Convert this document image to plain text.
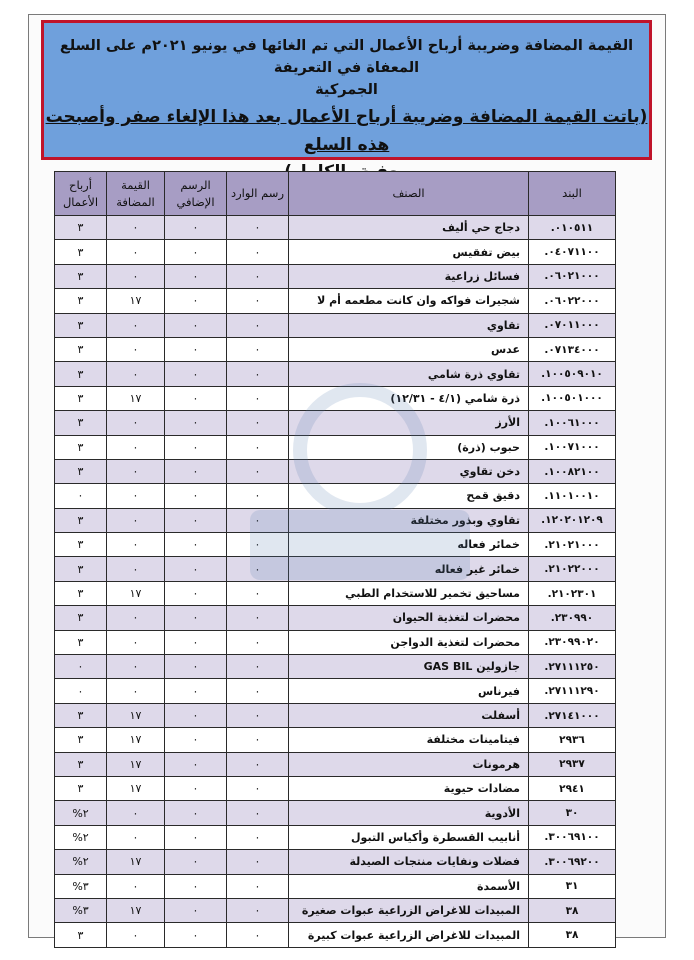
القيمة المضافة وضريبة أرباح الأعمال التي تم الغائها في يونيو ٢٠٢١م على السلع المعفاة في التعريفة
الجمركية
(باتت القيمة المضافة وضريبة أرباح الأعمال بعد هذا الإلغاء صفر وأصبحت هذه السلع
البند	الصنف	رسم الوارد	الرسم الإضافي	القيمة المضافة	أرباح الأعمال
٠١٠٥١١.	دجاج حي أليف	٠	٠	٠	٣
٠٤٠٧١١٠٠.	بيض تفقيس	٠	٠	٠	٣
٠٦٠٢١٠٠٠.	فسائل زراعية	٠	٠	٠	٣
٠٦٠٢٢٠٠٠.	شجيرات فواكه وان كانت مطعمه أم لا	٠	٠	١٧	٣
٠٧٠١١٠٠٠.	تقاوي	٠	٠	٠	٣
٠٧١٣٤٠٠٠.	عدس	٠	٠	٠	٣
١٠٠٥٠٩٠١٠.	تقاوي ذرة شامي	٠	٠	٠	٣
١٠٠٥٠١٠٠٠.	ذرة شامي (٤/١ - ١٢/٣١)	٠	٠	١٧	٣
١٠٠٦١٠٠٠.	الأرز	٠	٠	٠	٣
١٠٠٧١٠٠٠.	حبوب (ذرة)	٠	٠	٠	٣
١٠٠٨٢١٠٠.	دخن تقاوي	٠	٠	٠	٣
١١٠١٠٠١٠.	دقيق قمح	٠	٠	٠	٠
١٢٠٢٠١٢٠٩.	تقاوي وبذور مختلفة	٠	٠	٠	٣
٢١٠٢١٠٠٠.	خمائر فعاله	٠	٠	٠	٣
٢١٠٢٢٠٠٠.	خمائر غير فعاله	٠	٠	٠	٣
٢١٠٢٣٠١.	مساحيق تخمير للاستخدام الطبي	٠	٠	١٧	٣
٢٣٠٩٩٠.	محضرات لتغذية الحيوان	٠	٠	٠	٣
٢٣٠٩٩٠٢٠.	محضرات لتغذية الدواجن	٠	٠	٠	٣
٢٧١١١٢٥٠.	جازولين GAS BIL	٠	٠	٠	٠
٢٧١١١٢٩٠.	فيرناس	٠	٠	٠	٠
٢٧١٤١٠٠٠.	أسفلت	٠	٠	١٧	٣
٢٩٣٦	فيتامينات مختلفة	٠	٠	١٧	٣
٢٩٣٧	هرمونات	٠	٠	١٧	٣
٢٩٤١	مضادات حيوية	٠	٠	١٧	٣
٣٠	الأدوية	٠	٠	٠	٢%
٣٠٠٦٩١٠٠.	أنابيب القسطرة وأكياس التبول	٠	٠	٠	٢%
٣٠٠٦٩٢٠٠.	فضلات ونفايات منتجات الصيدلة	٠	٠	١٧	٢%
٣١	الأسمدة	٠	٠	٠	٣%
٣٨	المبيدات للاغراض الزراعية عبوات صغيرة	٠	٠	١٧	٣%
٣٨	المبيدات للاغراض الزراعية عبوات كبيرة	٠	٠	٠	٣
